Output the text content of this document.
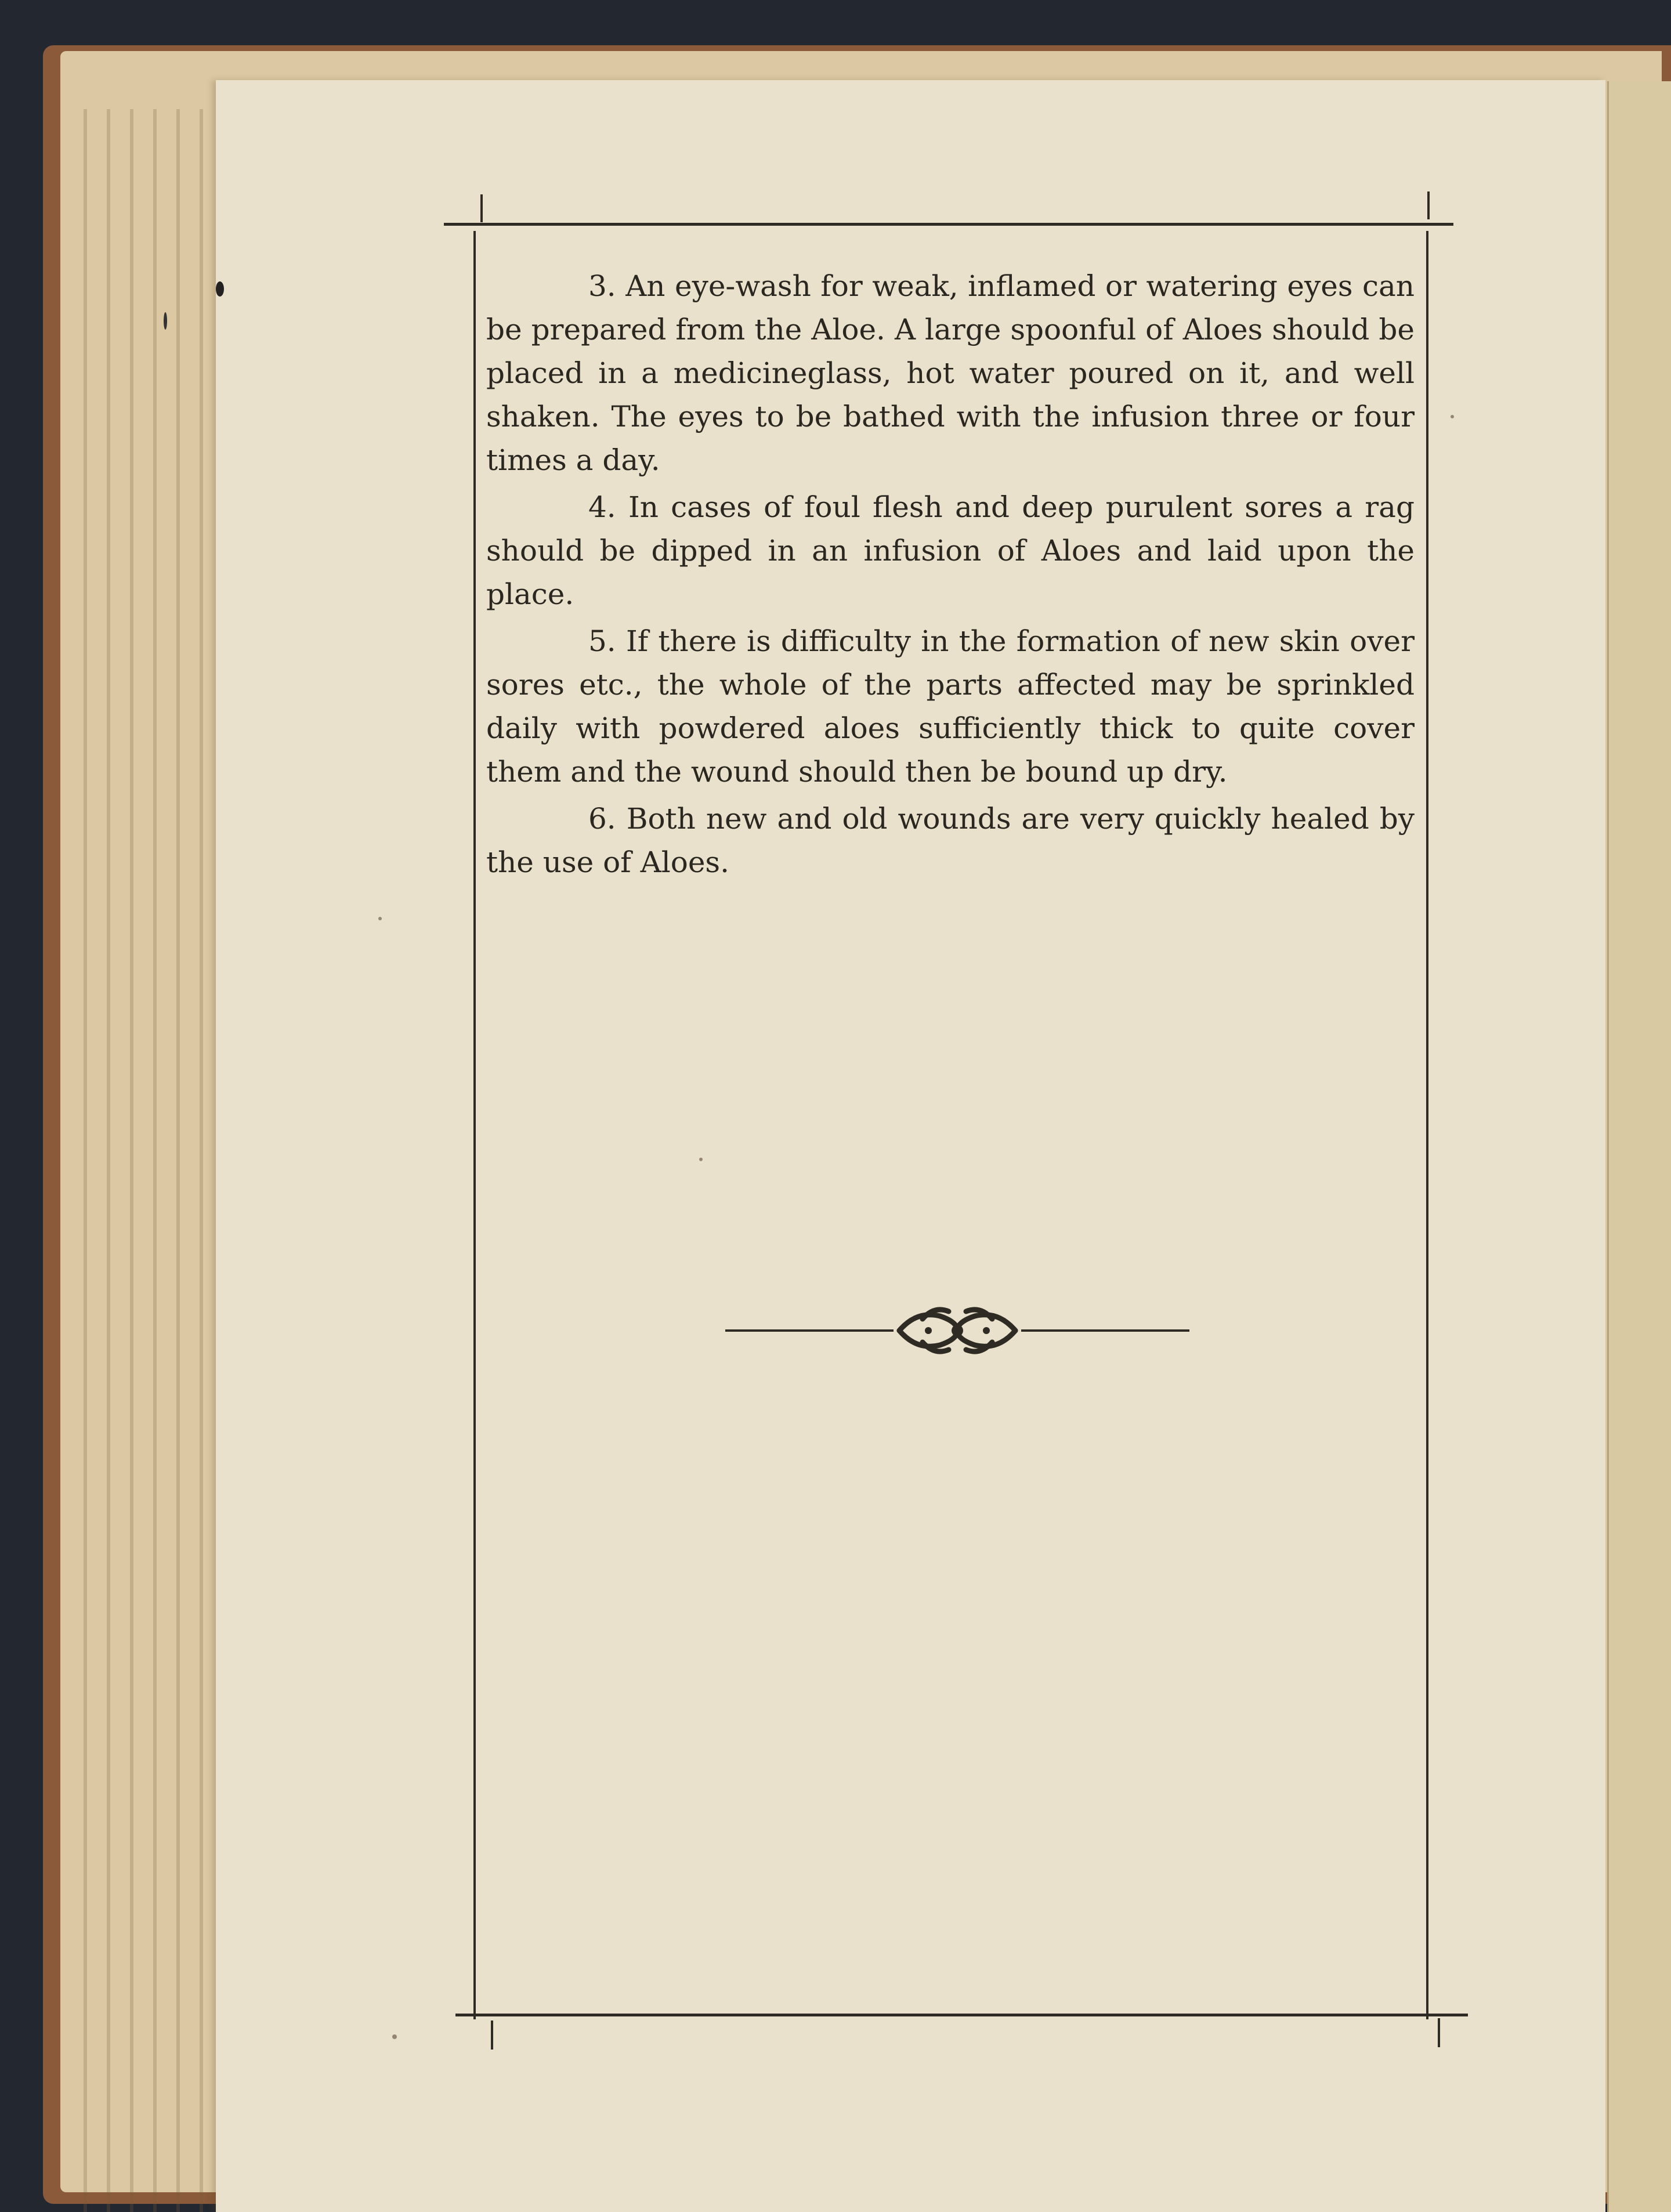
3. An eye-wash for weak, inflamed or watering eyes can be prepared from the Aloe. A large spoonful of Aloes should be placed in a medicineglass, hot water poured on it, and well shaken. The eyes to be bathed with the infusion three or four times a day.

4. In cases of foul flesh and deep purulent sores a rag should be dipped in an infusion of Aloes and laid upon the place.

5. If there is difficulty in the formation of new skin over sores etc., the whole of the parts affected may be sprinkled daily with powdered aloes sufficiently thick to quite cover them and the wound should then be bound up dry.

6. Both new and old wounds are very quickly healed by the use of Aloes.
